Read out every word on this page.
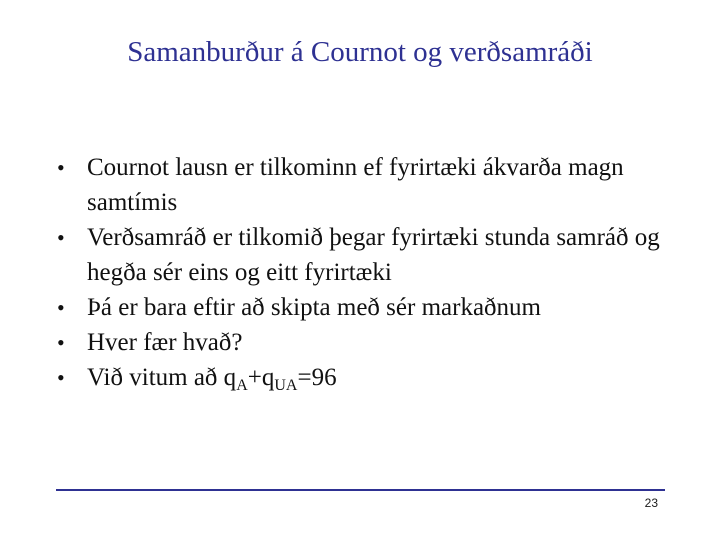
Samanburður á Cournot og verðsamráði
• Cournot lausn er tilkominn ef fyrirtæki ákvarða magn samtímis
• Verðsamráð er tilkomið þegar fyrirtæki stunda samráð og hegða sér eins og eitt fyrirtæki
• Þá er bara eftir að skipta með sér markaðnum
• Hver fær hvað?
• Við vitum að $q_A+q_{UA}=96$
23
